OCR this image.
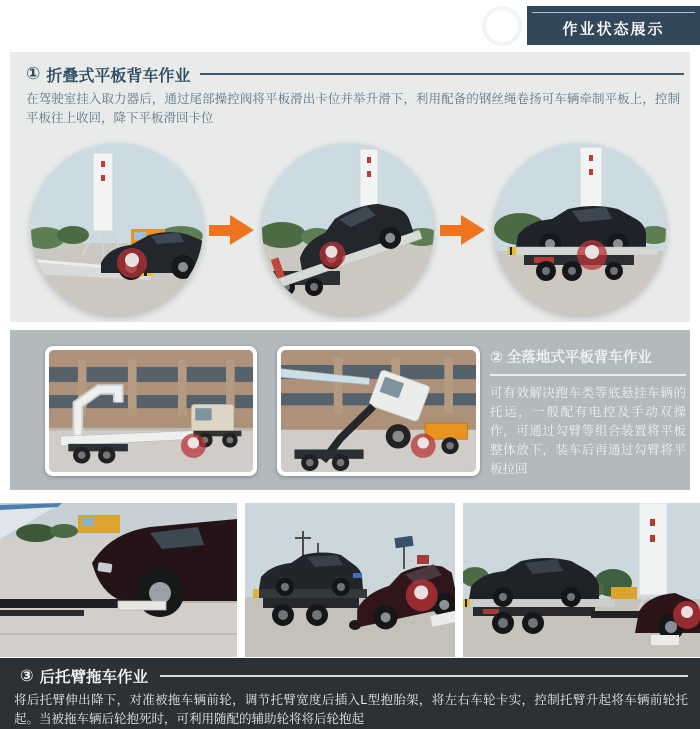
作业状态展示
① 折叠式平板背车作业

在驾驶室挂入取力器后，通过尾部操控阀将平板滑出卡位并举升滑下，利用配备的钢丝绳卷扬可车辆牵制平板上，控制平板往上收回，降下平板滑回卡位

② 全落地式平板背车作业
可有效解决跑车类等底悬挂车辆的托运，一般配有电控及手动双操作，可通过勾臂等组合装置将平板整体放下，装车后再通过勾臂将平板拉回
③ 后托臂拖车作业

将后托臂伸出降下，对准被拖车辆前轮，调节托臂宽度后插入L型抱胎架，将左右车轮卡实，控制托臂升起将车辆前轮托起。当被拖车辆后轮抱死时，可利用随配的辅助轮将将后轮抱起
